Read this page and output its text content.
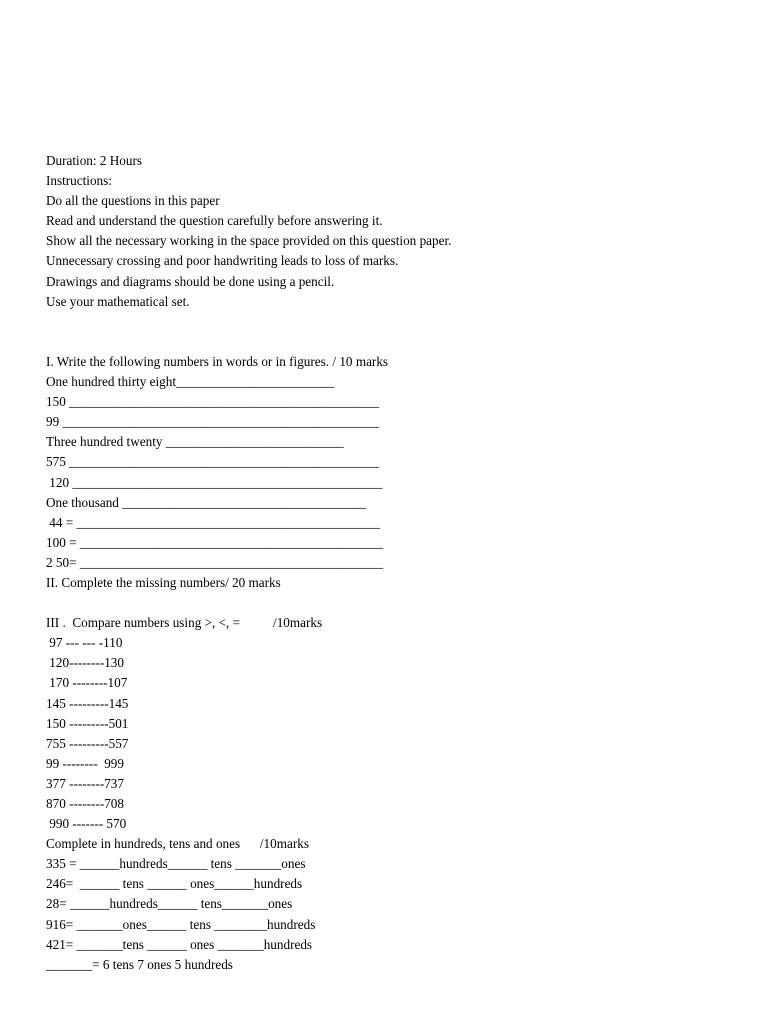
Duration: 2 Hours
Instructions:
Do all the questions in this paper
Read and understand the question carefully before answering it.
Show all the necessary working in the space provided on this question paper.
Unnecessary crossing and poor handwriting leads to loss of marks.
Drawings and diagrams should be done using a pencil.
Use your mathematical set.
I. Write the following numbers in words or in figures. / 10 marks
One hundred thirty eight________________________
150 _______________________________________________
99 ________________________________________________
Three hundred twenty ___________________________
575 _______________________________________________
120 _______________________________________________
One thousand _____________________________________
44 = ______________________________________________
100 = ______________________________________________
2 50= ______________________________________________
II. Complete the missing numbers/ 20 marks
III .  Compare numbers using >, <, =          /10marks
97 --- --- -110
120--------130
170 --------107
145 ---------145
150 ---------501
755 ---------557
99 --------  999
377 --------737
870 --------708
990 ------- 570
Complete in hundreds, tens and ones      /10marks
335 = ______hundreds______ tens _______ones
246=  ______ tens ______ ones______hundreds
28= ______hundreds______ tens_______ones
916= _______ones______ tens ________hundreds
421= _______tens ______ ones _______hundreds
_______= 6 tens 7 ones 5 hundreds
